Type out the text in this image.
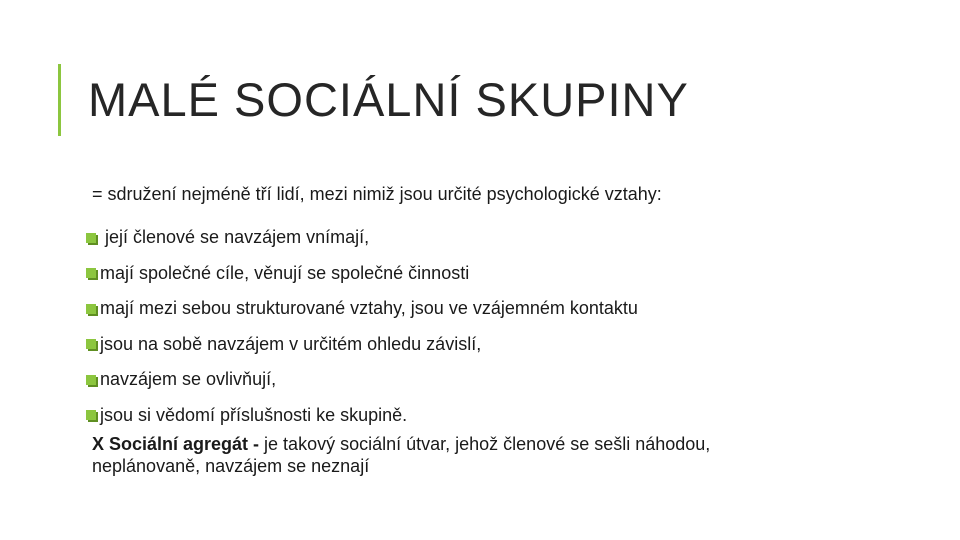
MALÉ SOCIÁLNÍ SKUPINY
= sdružení nejméně tří lidí, mezi nimiž jsou určité psychologické vztahy:
její členové se navzájem vnímají,
mají společné cíle, věnují se společné činnosti
mají mezi sebou strukturované vztahy, jsou ve vzájemném kontaktu
jsou na sobě navzájem v určitém ohledu závislí,
navzájem se ovlivňují,
jsou si vědomí příslušnosti ke skupině.
X Sociální agregát - je takový sociální útvar, jehož členové se sešli náhodou, neplánovaně, navzájem se neznají
